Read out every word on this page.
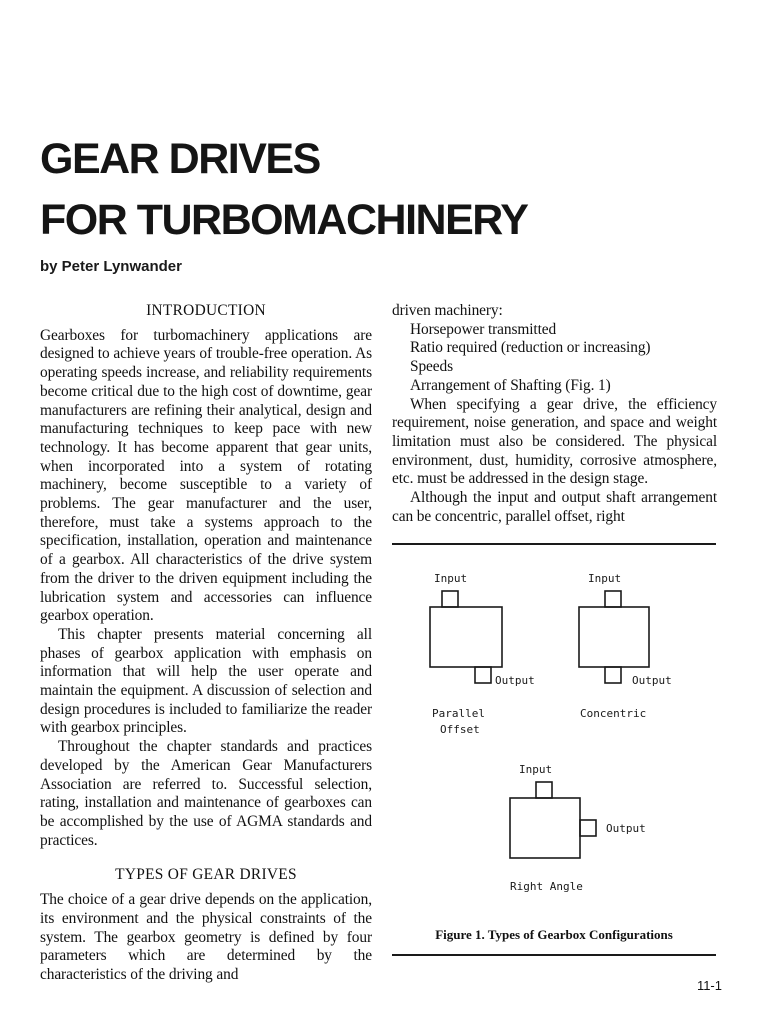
GEAR DRIVES
FOR TURBOMACHINERY

by Peter Lynwander

INTRODUCTION

Gearboxes for turbomachinery applications are designed to achieve years of trouble-free operation. As operating speeds increase, and reliability requirements become critical due to the high cost of downtime, gear manufacturers are refining their analytical, design and manufacturing techniques to keep pace with new technology. It has become apparent that gear units, when incorporated into a system of rotating machinery, become susceptible to a variety of problems. The gear manufacturer and the user, therefore, must take a systems approach to the specification, installation, operation and maintenance of a gearbox. All characteristics of the drive system from the driver to the driven equipment including the lubrication system and accessories can influence gearbox operation.

This chapter presents material concerning all phases of gearbox application with emphasis on information that will help the user operate and maintain the equipment. A discussion of selection and design procedures is included to familiarize the reader with gearbox principles.

Throughout the chapter standards and practices developed by the American Gear Manufacturers Association are referred to. Successful selection, rating, installation and maintenance of gearboxes can be accomplished by the use of AGMA standards and practices.

TYPES OF GEAR DRIVES

The choice of a gear drive depends on the application, its environment and the physical constraints of the system. The gearbox geometry is defined by four parameters which are determined by the characteristics of the driving and

driven machinery:

Horsepower transmitted

Ratio required (reduction or increasing)

Speeds

Arrangement of Shafting (Fig. 1)

When specifying a gear drive, the efficiency requirement, noise generation, and space and weight limitation must also be considered. The physical environment, dust, humidity, corrosive atmosphere, etc. must be addressed in the design stage.

Although the input and output shaft arrangement can be concentric, parallel offset, right

Input
Output
Parallel
Offset
Input
Output
Concentric
Input
Output
Right Angle

Figure 1. Types of Gearbox Configurations

11-1
